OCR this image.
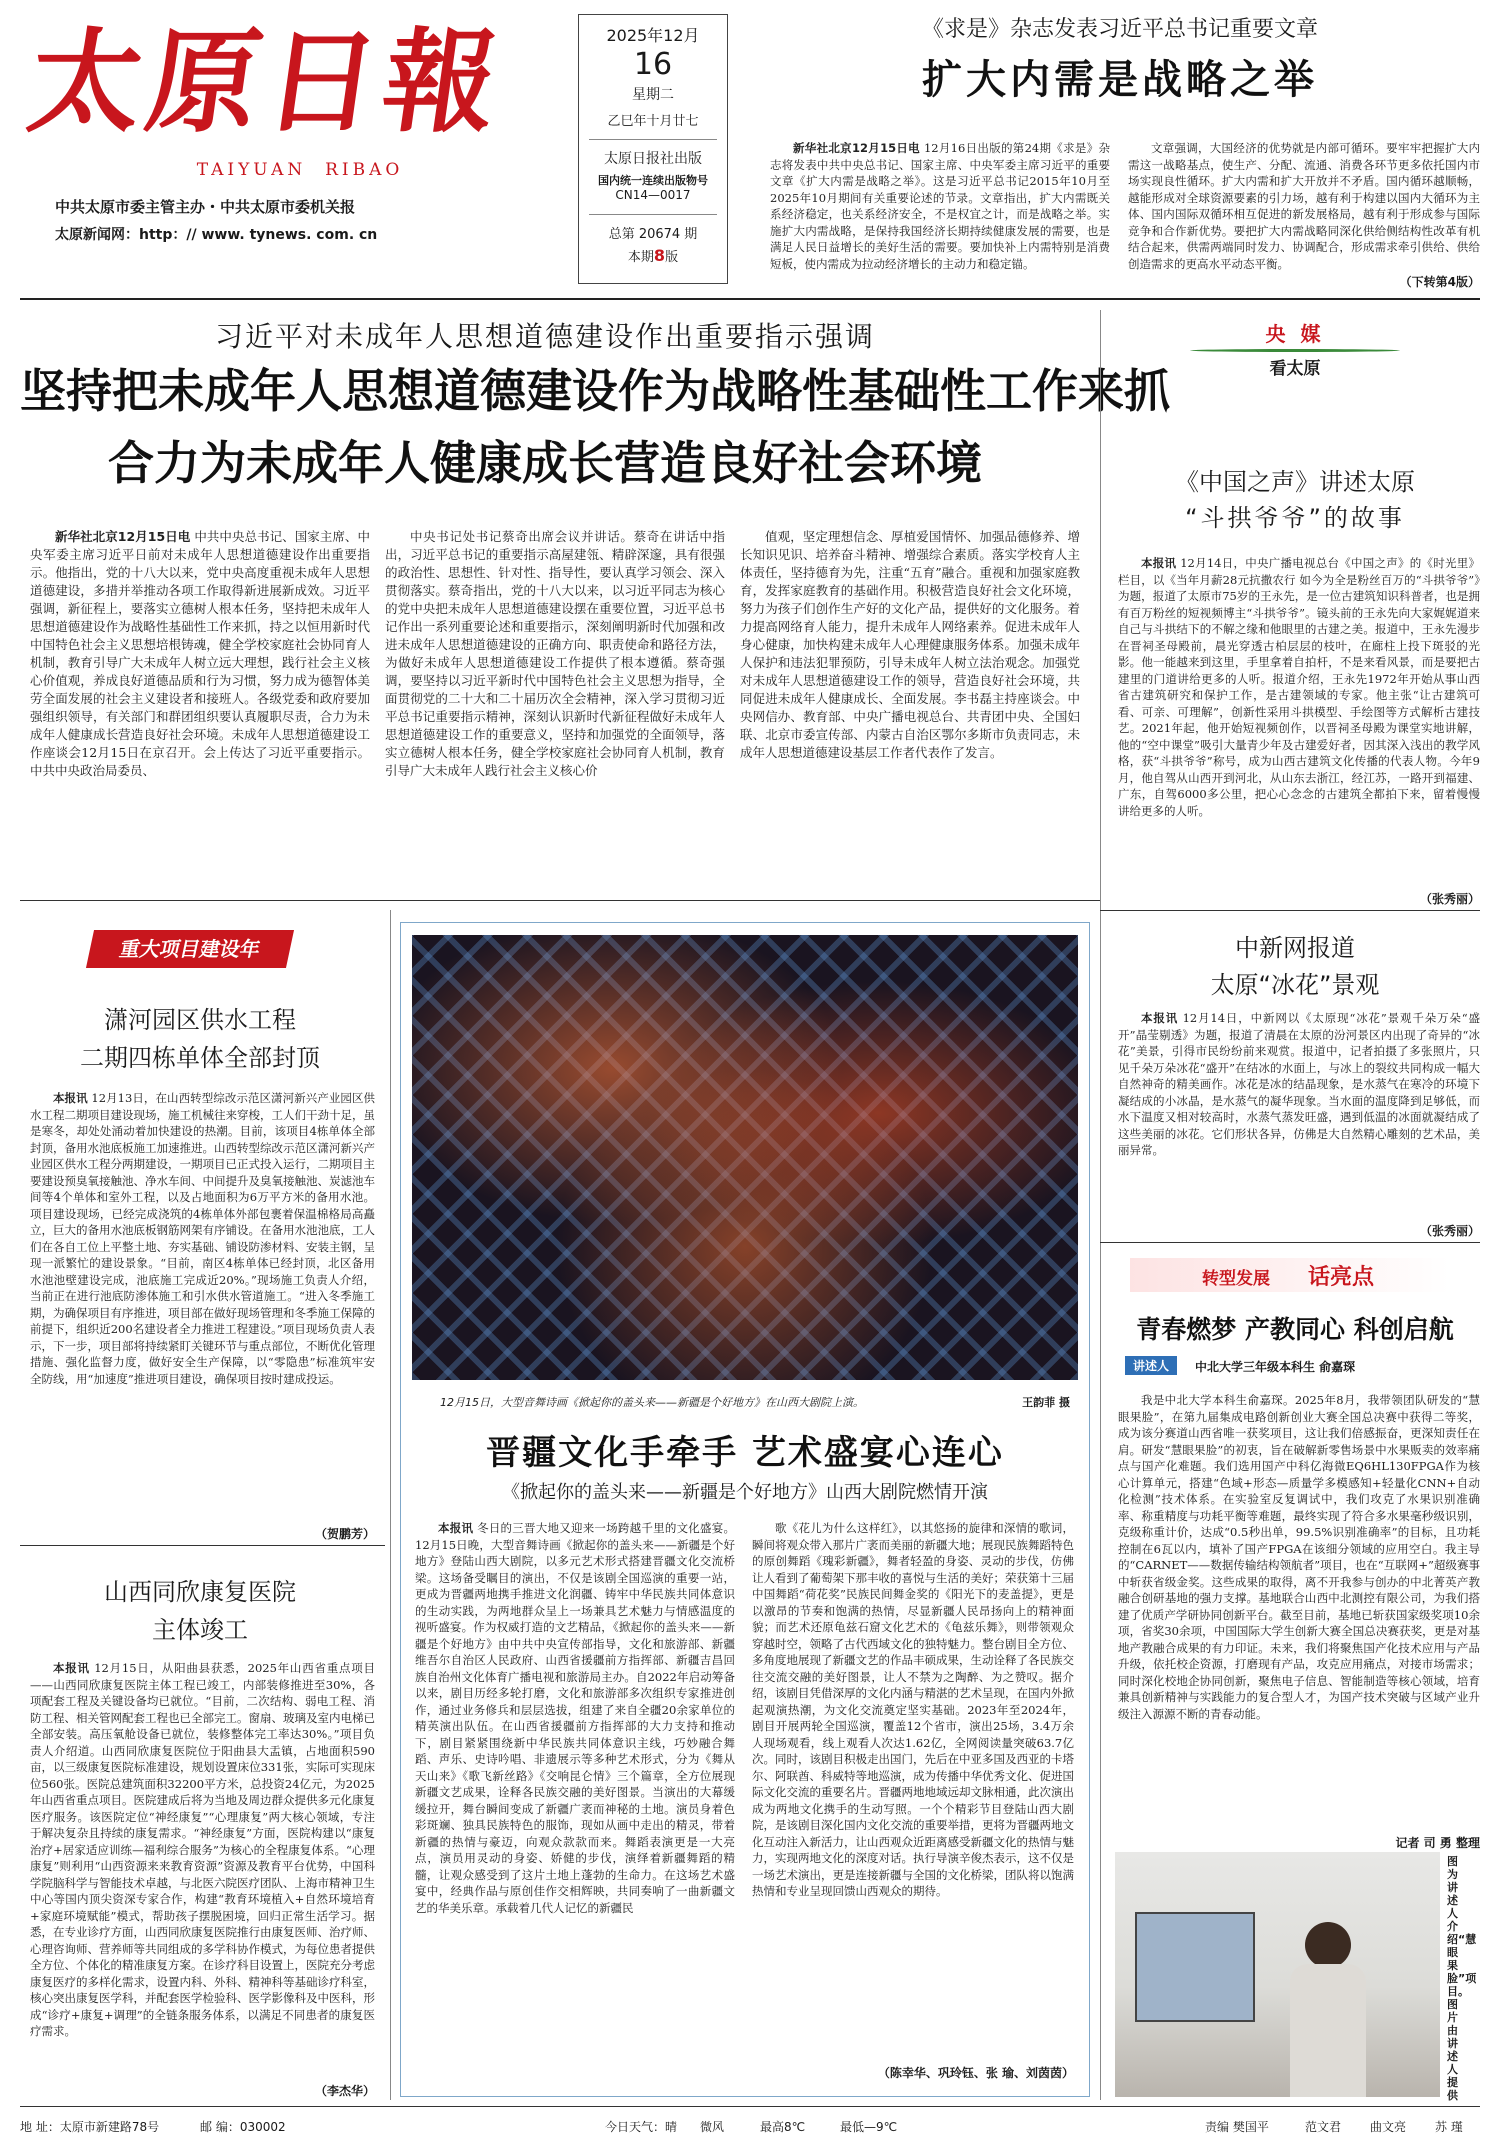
太原日報
TAIYUAN  RIBAO
中共太原市委主管主办・中共太原市委机关报
太原新闻网：http：// www. tynews. com. cn
2025年12月
16
星期二
乙巳年十月廿七
太原日报社出版
国内统一连续出版物号
CN14—0017
总第 20674 期
本期8版
《求是》杂志发表习近平总书记重要文章
扩大内需是战略之举

新华社北京12月15日电 12月16日出版的第24期《求是》杂志将发表中共中央总书记、国家主席、中央军委主席习近平的重要文章《扩大内需是战略之举》。这是习近平总书记2015年10月至2025年10月期间有关重要论述的节录。文章指出，扩大内需既关系经济稳定，也关系经济安全，不是权宜之计，而是战略之举。实施扩大内需战略，是保持我国经济长期持续健康发展的需要，也是满足人民日益增长的美好生活的需要。要加快补上内需特别是消费短板，使内需成为拉动经济增长的主动力和稳定锚。

文章强调，大国经济的优势就是内部可循环。要牢牢把握扩大内需这一战略基点，使生产、分配、流通、消费各环节更多依托国内市场实现良性循环。扩大内需和扩大开放并不矛盾。国内循环越顺畅，越能形成对全球资源要素的引力场，越有利于构建以国内大循环为主体、国内国际双循环相互促进的新发展格局，越有利于形成参与国际竞争和合作新优势。要把扩大内需战略同深化供给侧结构性改革有机结合起来，供需两端同时发力、协调配合，形成需求牵引供给、供给创造需求的更高水平动态平衡。

（下转第4版）
习近平对未成年人思想道德建设作出重要指示强调
坚持把未成年人思想道德建设作为战略性基础性工作来抓
合力为未成年人健康成长营造良好社会环境

新华社北京12月15日电 中共中央总书记、国家主席、中央军委主席习近平日前对未成年人思想道德建设作出重要指示。他指出，党的十八大以来，党中央高度重视未成年人思想道德建设，多措并举推动各项工作取得新进展新成效。习近平强调，新征程上，要落实立德树人根本任务，坚持把未成年人思想道德建设作为战略性基础性工作来抓，持之以恒用新时代中国特色社会主义思想培根铸魂，健全学校家庭社会协同育人机制，教育引导广大未成年人树立远大理想，践行社会主义核心价值观，养成良好道德品质和行为习惯，努力成为德智体美劳全面发展的社会主义建设者和接班人。各级党委和政府要加强组织领导，有关部门和群团组织要认真履职尽责，合力为未成年人健康成长营造良好社会环境。未成年人思想道德建设工作座谈会12月15日在京召开。会上传达了习近平重要指示。中共中央政治局委员、

中央书记处书记蔡奇出席会议并讲话。蔡奇在讲话中指出，习近平总书记的重要指示高屋建瓴、精辟深邃，具有很强的政治性、思想性、针对性、指导性，要认真学习领会、深入贯彻落实。蔡奇指出，党的十八大以来，以习近平同志为核心的党中央把未成年人思想道德建设摆在重要位置，习近平总书记作出一系列重要论述和重要指示，深刻阐明新时代加强和改进未成年人思想道德建设的正确方向、职责使命和路径方法，为做好未成年人思想道德建设工作提供了根本遵循。蔡奇强调，要坚持以习近平新时代中国特色社会主义思想为指导，全面贯彻党的二十大和二十届历次全会精神，深入学习贯彻习近平总书记重要指示精神，深刻认识新时代新征程做好未成年人思想道德建设工作的重要意义，坚持和加强党的全面领导，落实立德树人根本任务，健全学校家庭社会协同育人机制，教育引导广大未成年人践行社会主义核心价

值观，坚定理想信念、厚植爱国情怀、加强品德修养、增长知识见识、培养奋斗精神、增强综合素质。落实学校育人主体责任，坚持德育为先，注重“五育”融合。重视和加强家庭教育，发挥家庭教育的基础作用。积极营造良好社会文化环境，努力为孩子们创作生产好的文化产品，提供好的文化服务。着力提高网络育人能力，提升未成年人网络素养。促进未成年人身心健康，加快构建未成年人心理健康服务体系。加强未成年人保护和违法犯罪预防，引导未成年人树立法治观念。加强党对未成年人思想道德建设工作的领导，营造良好社会环境，共同促进未成年人健康成长、全面发展。李书磊主持座谈会。中央网信办、教育部、中央广播电视总台、共青团中央、全国妇联、北京市委宣传部、内蒙古自治区鄂尔多斯市负责同志，未成年人思想道德建设基层工作者代表作了发言。

央 媒
看太原
《中国之声》讲述太原
“斗拱爷爷”的故事

本报讯 12月14日，中央广播电视总台《中国之声》的《时光里》栏目，以《当年月薪28元抗撒农行 如今为全是粉丝百万的“斗拱爷爷”》为题，报道了太原市75岁的王永先，是一位古建筑知识科普者，也是拥有百万粉丝的短视频博主“斗拱爷爷”。镜头前的王永先向大家娓娓道来自己与斗拱结下的不解之缘和他眼里的古建之美。报道中，王永先漫步在晋祠圣母殿前，晨光穿透古柏层层的枝叶，在廊柱上投下斑驳的光影。他一能越来到这里，手里拿着自拍杆，不是来看风景，而是要把古建里的门道讲给更多的人听。报道介绍，王永先1972年开始从事山西省古建筑研究和保护工作，是古建领域的专家。他主张“让古建筑可看、可亲、可理解”，创新性采用斗拱模型、手绘图等方式解析古建技艺。2021年起，他开始短视频创作，以晋祠圣母殿为课堂实地讲解，他的“空中课堂”吸引大量青少年及古建爱好者，因其深入浅出的教学风格，获“斗拱爷爷”称号，成为山西古建筑文化传播的代表人物。今年9月，他自驾从山西开到河北，从山东去浙江，经江苏，一路开到福建、广东，自驾6000多公里，把心心念念的古建筑全都拍下来，留着慢慢讲给更多的人听。

（张秀丽）
重大项目建设年
潇河园区供水工程
二期四栋单体全部封顶

本报讯 12月13日，在山西转型综改示范区潇河新兴产业园区供水工程二期项目建设现场，施工机械往来穿梭，工人们干劲十足，虽是寒冬，却处处涌动着加快建设的热潮。目前，该项目4栋单体全部封顶，备用水池底板施工加速推进。山西转型综改示范区潇河新兴产业园区供水工程分两期建设，一期项目已正式投入运行，二期项目主要建设预臭氧接触池、净水车间、中间提升及臭氧接触池、炭滤池车间等4个单体和室外工程，以及占地面积为6万平方米的备用水池。项目建设现场，已经完成浇筑的4栋单体外部包裹着保温棉格局高矗立，巨大的备用水池底板钢筋网架有序铺设。在备用水池池底，工人们在各自工位上平整土地、夯实基础、铺设防渗材料、安装主钢，呈现一派繁忙的建设景象。“目前，南区4栋单体已经封顶，北区备用水池池壁建设完成，池底施工完成近20%。”现场施工负责人介绍，当前正在进行池底防渗体施工和引水供水管道施工。“进入冬季施工期，为确保项目有序推进，项目部在做好现场管理和冬季施工保障的前提下，组织近200名建设者全力推进工程建设。”项目现场负责人表示，下一步，项目部将持续紧盯关键环节与重点部位，不断优化管理措施、强化监督力度，做好安全生产保障，以“零隐患”标准筑牢安全防线，用“加速度”推进项目建设，确保项目按时建成投运。

（贺鹏芳）
山西同欣康复医院
主体竣工

本报讯 12月15日，从阳曲县获悉，2025年山西省重点项目——山西同欣康复医院主体工程已竣工，内部装修推进至30%，各项配套工程及关键设备均已就位。“目前，二次结构、弱电工程、消防工程、相关管网配套工程也已全部完工。窗扇、玻璃及室内电梯已全部安装。高压氧舱设备已就位，装修整体完工率达30%。”项目负责人介绍道。山西同欣康复医院位于阳曲县大盂镇，占地面积590亩，以三级康复医院标准建设，规划设置床位331张，实际可实现床位560张。医院总建筑面积32200平方米，总投资24亿元，为2025年山西省重点项目。医院建成后将为当地及周边群众提供多元化康复医疗服务。该医院定位“神经康复”“心理康复”两大核心领域，专注于解决复杂且持续的康复需求。“神经康复”方面，医院构建以“康复治疗+居家适应训练—福利综合服务”为核心的全程康复体系。“心理康复”则利用“山西资源来来教育资源”资源及教育平台优势，中国科学院脑科学与智能技术卓越，与北医六院医疗团队、上海市精神卫生中心等国内顶尖资深专家合作，构建“教育环境植入+自然环境培育+家庭环境赋能”模式，帮助孩子摆脱困境，回归正常生活学习。据悉，在专业诊疗方面，山西同欣康复医院推行由康复医师、治疗师、心理咨询师、营养师等共同组成的多学科协作模式，为每位患者提供全方位、个体化的精准康复方案。在诊疗科目设置上，医院充分考虑康复医疗的多样化需求，设置内科、外科、精神科等基础诊疗科室，核心突出康复医学科，并配套医学检验科、医学影像科及中医科，形成“诊疗+康复+调理”的全链条服务体系，以满足不同患者的康复医疗需求。

（李杰华）
12月15日，大型音舞诗画《掀起你的盖头来——新疆是个好地方》在山西大剧院上演。	王韵菲 摄
晋疆文化手牵手 艺术盛宴心连心
《掀起你的盖头来——新疆是个好地方》山西大剧院燃情开演

本报讯 冬日的三晋大地又迎来一场跨越千里的文化盛宴。12月15日晚，大型音舞诗画《掀起你的盖头来——新疆是个好地方》登陆山西大剧院，以多元艺术形式搭建晋疆文化交流桥梁。这场备受瞩目的演出，不仅是该剧全国巡演的重要一站，更成为晋疆两地携手推进文化润疆、铸牢中华民族共同体意识的生动实践，为两地群众呈上一场兼具艺术魅力与情感温度的视听盛宴。作为权威打造的文艺精品，《掀起你的盖头来——新疆是个好地方》由中共中央宣传部指导，文化和旅游部、新疆维吾尔自治区人民政府、山西省援疆前方指挥部、新疆吉昌回族自治州文化体育广播电视和旅游局主办。自2022年启动筹备以来，剧目历经多轮打磨，文化和旅游部多次组织专家推进创作，通过业务修兵和层层选拔，组建了来自全疆20余家单位的精英演出队伍。在山西省援疆前方指挥部的大力支持和推动下，剧目紧紧围绕新中华民族共同体意识主线，巧妙融合舞蹈、声乐、史诗吟唱、非遗展示等多种艺术形式，分为《舞从天山来》《歌飞新丝路》《交响昆仑情》三个篇章，全方位展现新疆文艺成果，诠释各民族交融的美好图景。当演出的大幕缓缓拉开，舞台瞬间变成了新疆广袤而神秘的土地。演员身着色彩斑斓、独具民族特色的服饰，现如从画中走出的精灵，带着新疆的热情与豪迈，向观众款款而来。舞蹈表演更是一大亮点，演员用灵动的身姿、娇健的步伐，演绎着新疆舞蹈的精髓，让观众感受到了这片土地上蓬勃的生命力。在这场艺术盛宴中，经典作品与原创佳作交相辉映，共同奏响了一曲新疆文艺的华美乐章。承载着几代人记忆的新疆民

歌《花儿为什么这样红》，以其悠扬的旋律和深情的歌词，瞬间将观众带入那片广袤而美丽的新疆大地；展现民族舞蹈特色的原创舞蹈《瑰彩新疆》，舞者轻盈的身姿、灵动的步伐，仿佛让人看到了葡萄架下那丰收的喜悦与生活的美好；荣获第十三届中国舞蹈“荷花奖”民族民间舞金奖的《阳光下的麦盖提》，更是以激昂的节奏和饱满的热情，尽显新疆人民昂扬向上的精神面貌；而艺术还原龟兹石窟文化艺术的《龟兹乐舞》，则带领观众穿越时空，领略了古代西域文化的独特魅力。整台剧目全方位、多角度地展现了新疆文艺的作品丰硕成果，生动诠释了各民族交往交流交融的美好图景，让人不禁为之陶醉、为之赞叹。据介绍，该剧目凭借深厚的文化内涵与精湛的艺术呈现，在国内外掀起观演热潮，为文化交流奠定坚实基础。2023年至2024年，剧目开展两轮全国巡演，覆盖12个省市，演出25场，3.4万余人现场观看，线上观看人次达1.62亿，全网阅读量突破63.7亿次。同时，该剧目积极走出国门，先后在中亚多国及西亚的卡塔尔、阿联酋、科威特等地巡演，成为传播中华优秀文化、促进国际文化交流的重要名片。晋疆两地地域远却文脉相通，此次演出成为两地文化携手的生动写照。一个个精彩节目登陆山西大剧院，是该剧目深化国内文化交流的重要举措，更将为晋疆两地文化互动注入新活力，让山西观众近距离感受新疆文化的热情与魅力，实现两地文化的深度对话。执行导演辛俊杰表示，这不仅是一场艺术演出，更是连接新疆与全国的文化桥梁，团队将以饱满热情和专业呈现回馈山西观众的期待。

（陈幸华、巩玲钰、张 瑜、刘茵茵）
中新网报道
太原“冰花”景观

本报讯 12月14日，中新网以《太原现“冰花”景观千朵万朵“盛开”晶莹剔透》为题，报道了清晨在太原的汾河景区内出现了奇异的“冰花”美景，引得市民纷纷前来观赏。报道中，记者拍摄了多张照片，只见千朵万朵冰花“盛开”在结冰的水面上，与冰上的裂纹共同构成一幅大自然神奇的精美画作。冰花是冰的结晶现象，是水蒸气在寒冷的环境下凝结成的小冰晶，是水蒸气的凝华现象。当水面的温度降到足够低，而水下温度又相对较高时，水蒸气蒸发旺盛，遇到低温的冰面就凝结成了这些美丽的冰花。它们形状各异，仿佛是大自然精心雕刻的艺术品，美丽异常。

（张秀丽）
转型发展 话亮点
青春燃梦 产教同心 科创启航
讲述人	中北大学三年级本科生 俞嘉琛

我是中北大学本科生俞嘉琛。2025年8月，我带领团队研发的“慧眼果脸”，在第九届集成电路创新创业大赛全国总决赛中获得二等奖，成为该分赛道山西省唯一获奖项目，这让我们倍感振奋，更深知责任在肩。研发“慧眼果脸”的初衷，旨在破解新零售场景中水果贩卖的效率痛点与国产化难题。我们选用国产中科亿海微EQ6HL130FPGA作为核心计算单元，搭建“色域+形态—质量学多模感知+轻量化CNN+自动化检测”技术体系。在实验室反复调试中，我们攻克了水果识别准确率、称重精度与功耗平衡等难题，最终实现了符合多水果毫秒级识别，克级称重计价，达成“0.5秒出单，99.5%识别准确率”的目标，且功耗控制在6瓦以内，填补了国产FPGA在该细分领域的应用空白。我主导的“CARNET——数据传输结构领航者”项目，也在“互联网+”超级赛事中斩获省级金奖。这些成果的取得，离不开我参与创办的中北菁英产教融合创研基地的强力支撑。基地联合山西中北测控有限公司，为我们搭建了优质产学研协同创新平台。截至目前，基地已斩获国家级奖项10余项，省奖30余项，中国国际大学生创新大赛全国总决赛获奖，更是对基地产教融合成果的有力印证。未来，我们将聚焦国产化技术应用与产品升级，依托校企资源，打磨现有产品，攻克应用痛点，对接市场需求；同时深化校地企协同创新，聚焦电子信息、智能制造等核心领域，培育兼具创新精神与实践能力的复合型人才，为国产技术突破与区域产业升级注入源源不断的青春动能。

记者 司 勇 整理
图为讲述人介绍“慧眼果脸”项目。图片由讲述人提供
地 址：太原市新建路78号	邮 编：030002	今日天气：晴 微风	最高8℃	最低—9℃	责编 樊国平	范文君 曲文亮 苏 瑾
